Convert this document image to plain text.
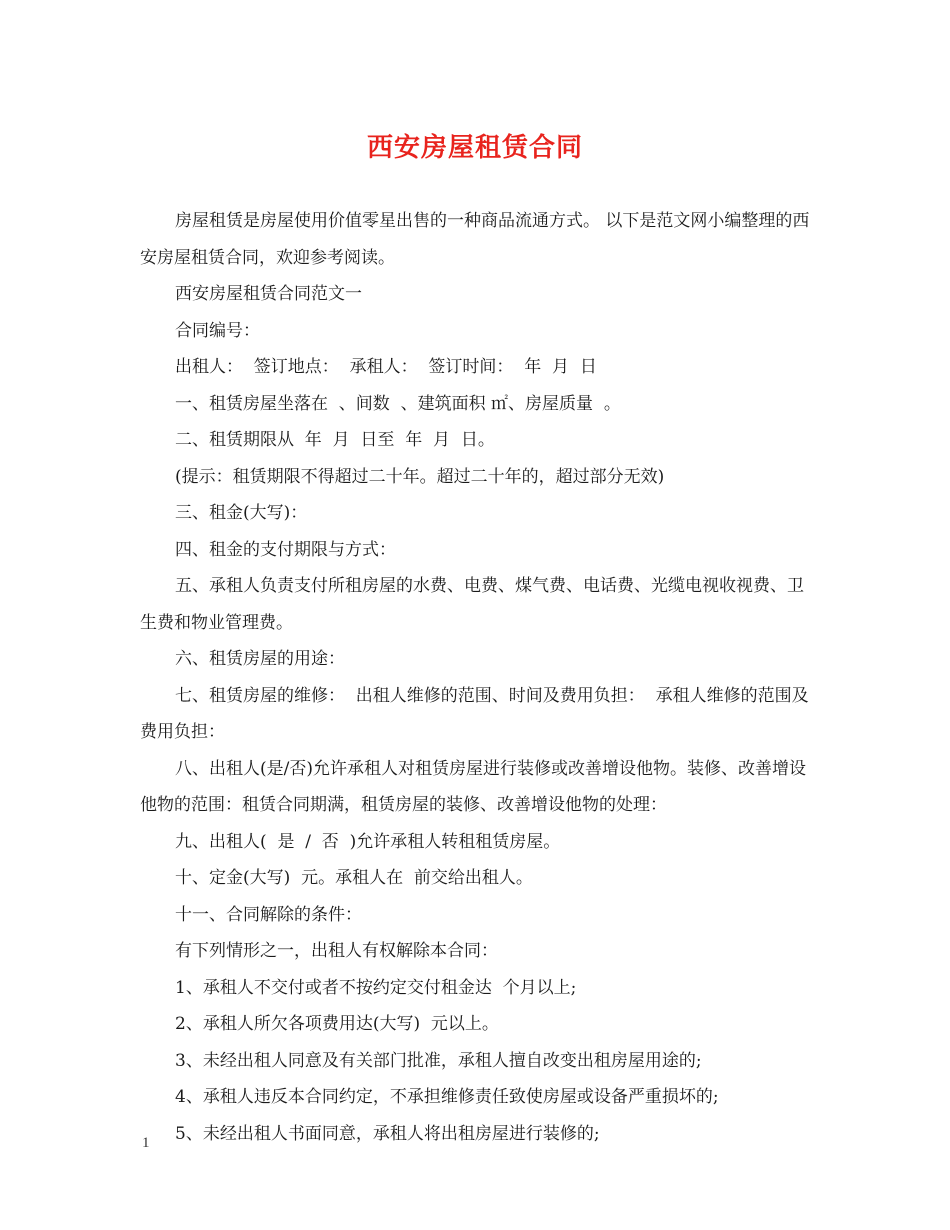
西安房屋租赁合同

房屋租赁是房屋使用价值零星出售的一种商品流通方式。 以下是范文网小编整理的西安房屋租赁合同，欢迎参考阅读。

西安房屋租赁合同范文一

合同编号：

出租人：  签订地点：  承租人：  签订时间：  年  月  日

一、租赁房屋坐落在  、间数  、建筑面积 ㎡、房屋质量  。

二、租赁期限从  年  月  日至  年  月  日。

(提示：租赁期限不得超过二十年。超过二十年的，超过部分无效)

三、租金(大写)：

四、租金的支付期限与方式：

五、承租人负责支付所租房屋的水费、电费、煤气费、电话费、光缆电视收视费、卫生费和物业管理费。

六、租赁房屋的用途：

七、租赁房屋的维修：  出租人维修的范围、时间及费用负担：  承租人维修的范围及费用负担：

八、出租人(是/否)允许承租人对租赁房屋进行装修或改善增设他物。装修、改善增设他物的范围：租赁合同期满，租赁房屋的装修、改善增设他物的处理：

九、出租人(  是  /  否  )允许承租人转租租赁房屋。

十、定金(大写)  元。承租人在  前交给出租人。

十一、合同解除的条件：

有下列情形之一，出租人有权解除本合同：

1、承租人不交付或者不按约定交付租金达  个月以上;

2、承租人所欠各项费用达(大写)  元以上。

3、未经出租人同意及有关部门批准，承租人擅自改变出租房屋用途的;

4、承租人违反本合同约定，不承担维修责任致使房屋或设备严重损坏的;

5、未经出租人书面同意，承租人将出租房屋进行装修的;

1
